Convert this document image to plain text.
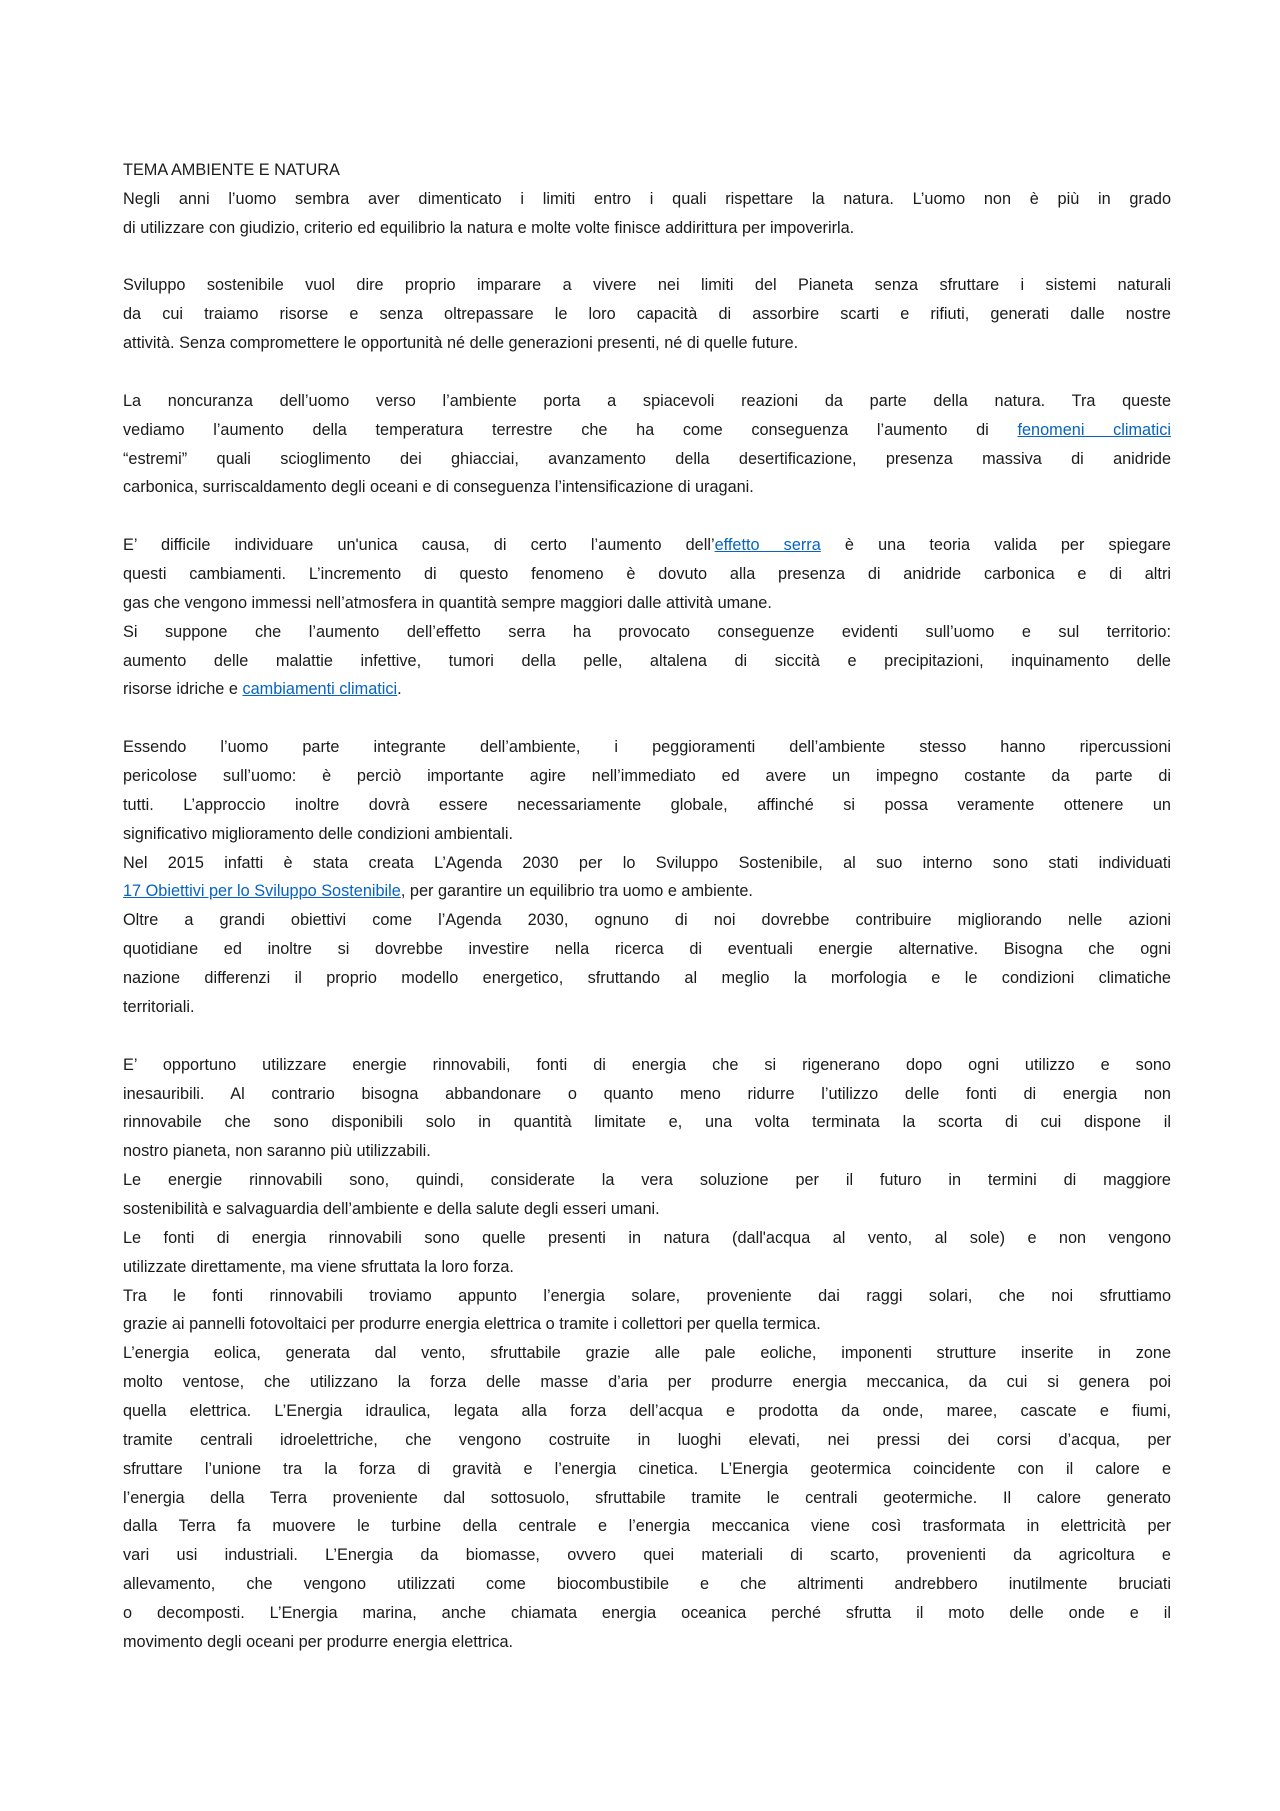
TEMA AMBIENTE E NATURA
Negli anni l’uomo sembra aver dimenticato i limiti entro i quali rispettare la natura. L’uomo non è più in grado
di utilizzare con giudizio, criterio ed equilibrio la natura e molte volte finisce addirittura per impoverirla.
Sviluppo sostenibile vuol dire proprio imparare a vivere nei limiti del Pianeta senza sfruttare i sistemi naturali
da cui traiamo risorse e senza oltrepassare le loro capacità di assorbire scarti e rifiuti, generati dalle nostre
attività. Senza compromettere le opportunità né delle generazioni presenti, né di quelle future.
La noncuranza dell’uomo verso l’ambiente porta a spiacevoli reazioni da parte della natura. Tra queste
vediamo l’aumento della temperatura terrestre che ha come conseguenza l’aumento di fenomeni climatici
“estremi” quali scioglimento dei ghiacciai, avanzamento della desertificazione, presenza massiva di anidride
carbonica, surriscaldamento degli oceani e di conseguenza l’intensificazione di uragani.
E’ difficile individuare un'unica causa, di certo l’aumento dell’effetto serra è una teoria valida per spiegare
questi cambiamenti. L’incremento di questo fenomeno è dovuto alla presenza di anidride carbonica e di altri
gas che vengono immessi nell’atmosfera in quantità sempre maggiori dalle attività umane.
Si suppone che l’aumento dell’effetto serra ha provocato conseguenze evidenti sull’uomo e sul territorio:
aumento delle malattie infettive, tumori della pelle, altalena di siccità e precipitazioni, inquinamento delle
risorse idriche e cambiamenti climatici.
Essendo l’uomo parte integrante dell’ambiente, i peggioramenti dell’ambiente stesso hanno ripercussioni
pericolose sull’uomo: è perciò importante agire nell’immediato ed avere un impegno costante da parte di
tutti. L’approccio inoltre dovrà essere necessariamente globale, affinché si possa veramente ottenere un
significativo miglioramento delle condizioni ambientali.
Nel 2015 infatti è stata creata L’Agenda 2030 per lo Sviluppo Sostenibile, al suo interno sono stati individuati
17 Obiettivi per lo Sviluppo Sostenibile, per garantire un equilibrio tra uomo e ambiente.
Oltre a grandi obiettivi come l’Agenda 2030, ognuno di noi dovrebbe contribuire migliorando nelle azioni
quotidiane ed inoltre si dovrebbe investire nella ricerca di eventuali energie alternative. Bisogna che ogni
nazione differenzi il proprio modello energetico, sfruttando al meglio la morfologia e le condizioni climatiche
territoriali.
E’ opportuno utilizzare energie rinnovabili, fonti di energia che si rigenerano dopo ogni utilizzo e sono
inesauribili. Al contrario bisogna abbandonare o quanto meno ridurre l’utilizzo delle fonti di energia non
rinnovabile che sono disponibili solo in quantità limitate e, una volta terminata la scorta di cui dispone il
nostro pianeta, non saranno più utilizzabili.
Le energie rinnovabili sono, quindi, considerate la vera soluzione per il futuro in termini di maggiore
sostenibilità e salvaguardia dell’ambiente e della salute degli esseri umani.
Le fonti di energia rinnovabili sono quelle presenti in natura (dall'acqua al vento, al sole) e non vengono
utilizzate direttamente, ma viene sfruttata la loro forza.
Tra le fonti rinnovabili troviamo appunto l’energia solare, proveniente dai raggi solari, che noi sfruttiamo
grazie ai pannelli fotovoltaici per produrre energia elettrica o tramite i collettori per quella termica.
L’energia eolica, generata dal vento, sfruttabile grazie alle pale eoliche, imponenti strutture inserite in zone
molto ventose, che utilizzano la forza delle masse d’aria per produrre energia meccanica, da cui si genera poi
quella elettrica. L’Energia idraulica, legata alla forza dell’acqua e prodotta da onde, maree, cascate e fiumi,
tramite centrali idroelettriche, che vengono costruite in luoghi elevati, nei pressi dei corsi d’acqua, per
sfruttare l’unione tra la forza di gravità e l’energia cinetica. L’Energia geotermica coincidente con il calore e
l’energia della Terra proveniente dal sottosuolo, sfruttabile tramite le centrali geotermiche. Il calore generato
dalla Terra fa muovere le turbine della centrale e l’energia meccanica viene così trasformata in elettricità per
vari usi industriali. L’Energia da biomasse, ovvero quei materiali di scarto, provenienti da agricoltura e
allevamento, che vengono utilizzati come biocombustibile e che altrimenti andrebbero inutilmente bruciati
o decomposti. L’Energia marina, anche chiamata energia oceanica perché sfrutta il moto delle onde e il
movimento degli oceani per produrre energia elettrica.
